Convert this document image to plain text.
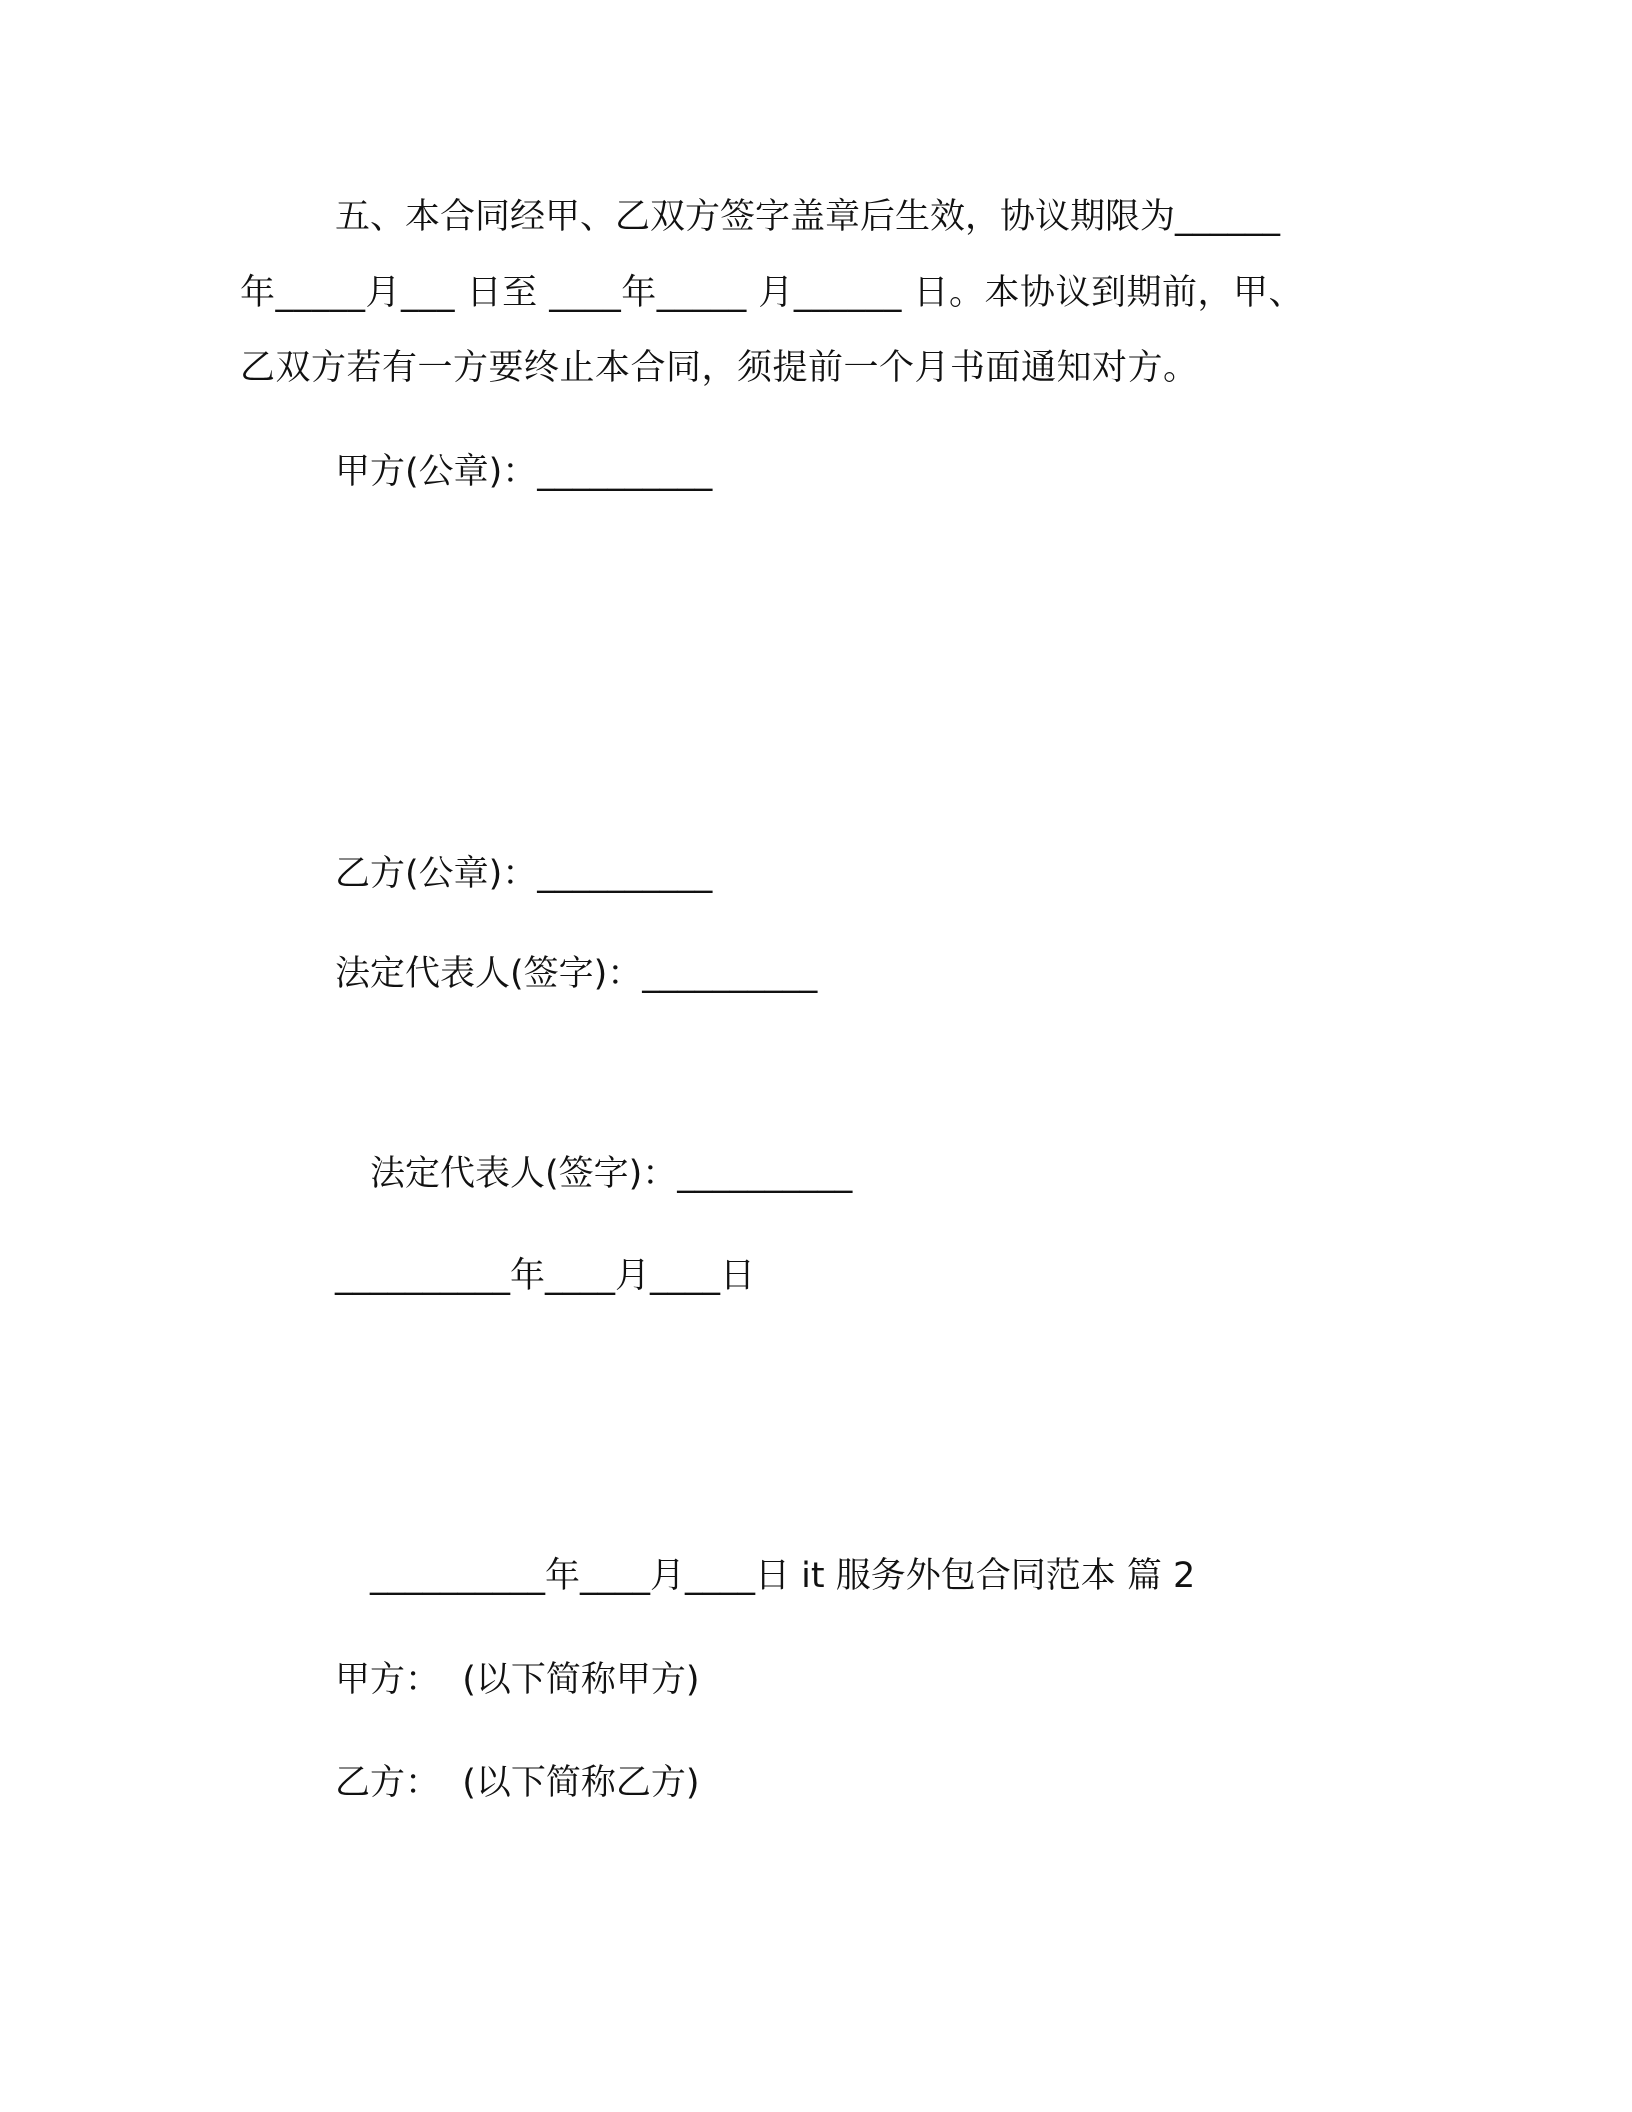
五、本合同经甲、乙双方签字盖章后生效，协议期限为______
年_____月___ 日至 ____年_____ 月______ 日。本协议到期前，甲、
乙双方若有一方要终止本合同，须提前一个月书面通知对方。
甲方(公章)：__________
乙方(公章)：__________
法定代表人(签字)：__________
法定代表人(签字)：__________
__________年____月____日
__________年____月____日 it 服务外包合同范本 篇 2
甲方：  (以下简称甲方)
乙方：  (以下简称乙方)
